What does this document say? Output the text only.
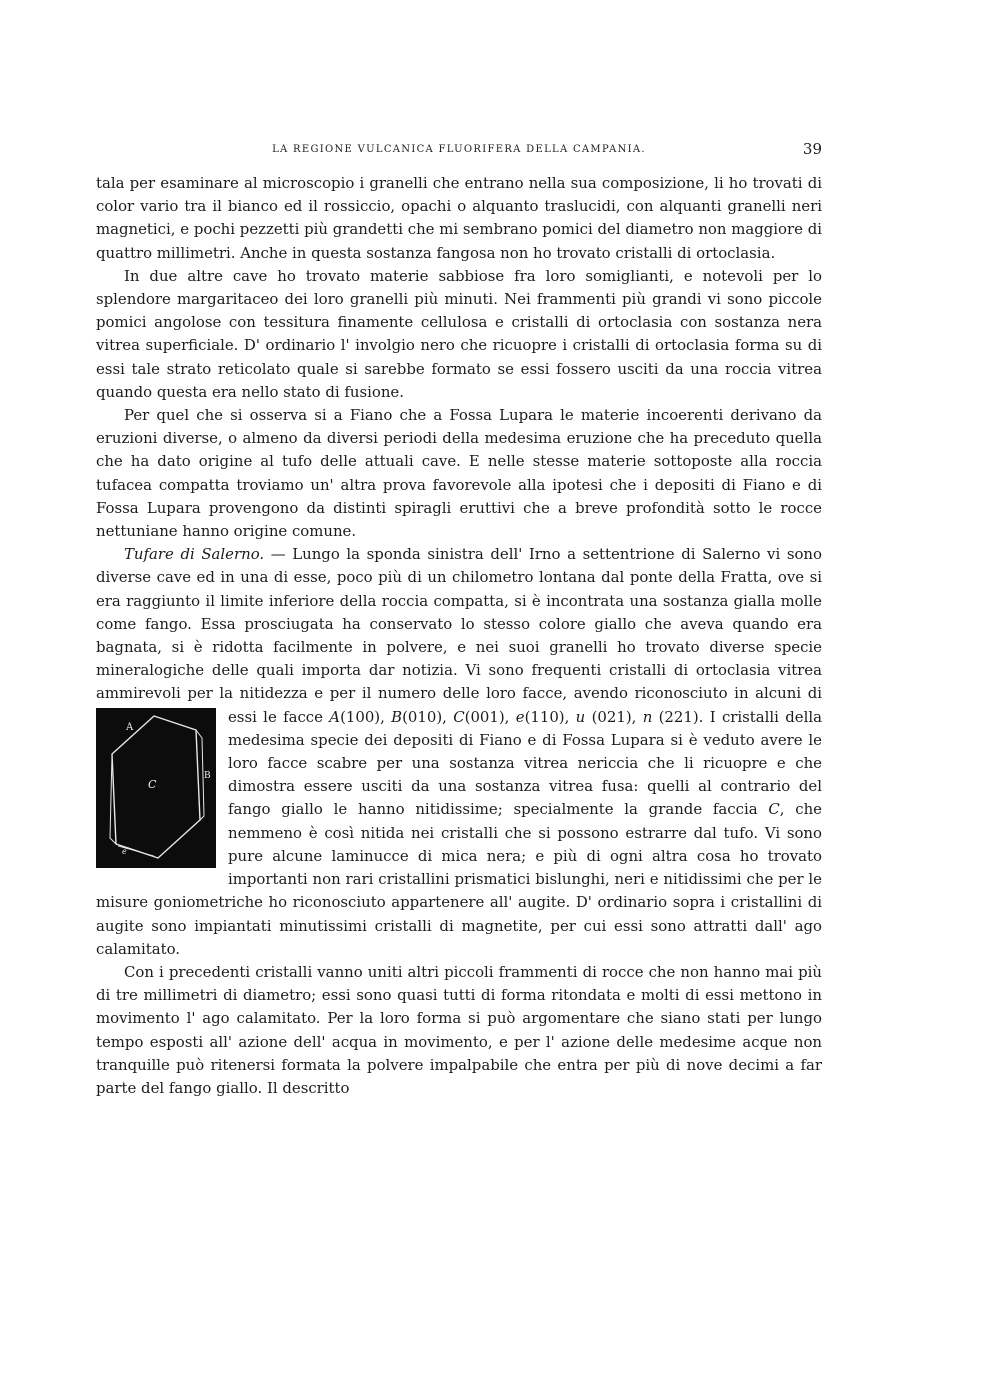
LA REGIONE VULCANICA FLUORIFERA DELLA CAMPANIA.	39

tala per esaminare al microscopio i granelli che entrano nella sua composizione, li ho trovati di color vario tra il bianco ed il rossiccio, opachi o alquanto traslucidi, con alquanti granelli neri magnetici, e pochi pezzetti più grandetti che mi sembrano pomici del diametro non maggiore di quattro millimetri. Anche in questa sostanza fangosa non ho trovato cristalli di ortoclasia.

In due altre cave ho trovato materie sabbiose fra loro somiglianti, e notevoli per lo splendore margaritaceo dei loro granelli più minuti. Nei frammenti più grandi vi sono piccole pomici angolose con tessitura finamente cellulosa e cristalli di ortoclasia con sostanza nera vitrea superficiale. D' ordinario l' involgio nero che ricuopre i cristalli di ortoclasia forma su di essi tale strato reticolato quale si sarebbe formato se essi fossero usciti da una roccia vitrea quando questa era nello stato di fusione.

Per quel che si osserva si a Fiano che a Fossa Lupara le materie incoerenti derivano da eruzioni diverse, o almeno da diversi periodi della medesima eruzione che ha preceduto quella che ha dato origine al tufo delle attuali cave. E nelle stesse materie sottoposte alla roccia tufacea compatta troviamo un' altra prova favorevole alla ipotesi che i depositi di Fiano e di Fossa Lupara provengono da distinti spiragli eruttivi che a breve profondità sotto le rocce nettuniane hanno origine comune.

Tufare di Salerno. — Lungo la sponda sinistra dell' Irno a settentrione di Salerno vi sono diverse cave ed in una di esse, poco più di un chilometro lontana dal ponte della Fratta, ove si era raggiunto il limite inferiore della roccia compatta, si è incontrata una sostanza gialla molle come fango. Essa prosciugata ha conservato lo stesso colore giallo che aveva quando era bagnata, si è ridotta facilmente in polvere, e nei suoi granelli ho trovato diverse specie mineralogiche delle quali importa dar notizia. Vi sono frequenti cristalli di ortoclasia vitrea ammirevoli per la nitidezza e per il numero delle loro facce, avendo riconosciuto in alcuni di essi le facce
A
B
C
e
A(100), B(010), C(001), e(110), u (021), n (221). I cristalli della medesima specie dei depositi di Fiano e di Fossa Lupara si è veduto avere le loro facce scabre per una sostanza vitrea nericcia che li ricuopre e che dimostra essere usciti da una sostanza vitrea fusa: quelli al contrario del fango giallo le hanno nitidissime; specialmente la grande faccia C, che nemmeno è così nitida nei cristalli che si possono estrarre dal tufo. Vi sono pure alcune laminucce di mica nera; e più di ogni altra cosa ho trovato importanti non rari cristallini prismatici bislunghi, neri e nitidissimi che per le misure goniometriche ho riconosciuto appartenere all' augite. D' ordinario sopra i cristallini di augite sono impiantati minutissimi cristalli di magnetite, per cui essi sono attratti dall' ago calamitato.

Con i precedenti cristalli vanno uniti altri piccoli frammenti di rocce che non hanno mai più di tre millimetri di diametro; essi sono quasi tutti di forma ritondata e molti di essi mettono in movimento l' ago calamitato. Per la loro forma si può argomentare che siano stati per lungo tempo esposti all' azione dell' acqua in movimento, e per l' azione delle medesime acque non tranquille può ritenersi formata la polvere impalpabile che entra per più di nove decimi a far parte del fango giallo. Il descritto
